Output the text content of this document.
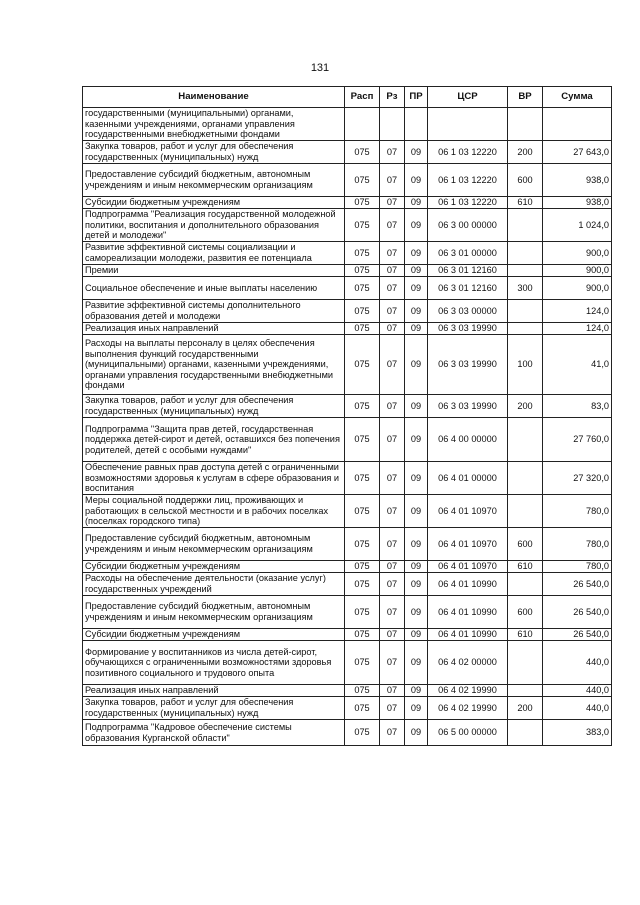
131
Наименование	Расп	Рз	ПР	ЦСР	ВР	Сумма
государственными (муниципальными) органами, казенными учреждениями, органами управления государственными внебюджетными фондами						
Закупка товаров, работ и услуг для обеспечения государственных (муниципальных) нужд	075	07	09	06 1 03 12220	200	27 643,0
Предоставление субсидий бюджетным, автономным учреждениям и иным некоммерческим организациям	075	07	09	06 1 03 12220	600	938,0
Субсидии бюджетным учреждениям	075	07	09	06 1 03 12220	610	938,0
Подпрограмма "Реализация государственной молодежной политики, воспитания и дополнительного образования детей и молодежи"	075	07	09	06 3 00 00000		1 024,0
Развитие эффективной системы социализации и самореализации молодежи, развития ее потенциала	075	07	09	06 3 01 00000		900,0
Премии	075	07	09	06 3 01 12160		900,0
Социальное обеспечение и иные выплаты населению	075	07	09	06 3 01 12160	300	900,0
Развитие эффективной системы дополнительного образования детей и молодежи	075	07	09	06 3 03 00000		124,0
Реализация иных направлений	075	07	09	06 3 03 19990		124,0
Расходы на выплаты персоналу в целях обеспечения выполнения функций государственными (муниципальными) органами, казенными учреждениями, органами управления государственными внебюджетными фондами	075	07	09	06 3 03 19990	100	41,0
Закупка товаров, работ и услуг для обеспечения государственных (муниципальных) нужд	075	07	09	06 3 03 19990	200	83,0
Подпрограмма "Защита прав детей, государственная поддержка детей-сирот и детей, оставшихся без попечения родителей, детей с особыми нуждами"	075	07	09	06 4 00 00000		27 760,0
Обеспечение равных прав доступа детей с ограниченными возможностями здоровья к услугам в сфере образования и воспитания	075	07	09	06 4 01 00000		27 320,0
Меры социальной поддержки лиц, проживающих и работающих в сельской местности и в рабочих поселках (поселках городского типа)	075	07	09	06 4 01 10970		780,0
Предоставление субсидий бюджетным, автономным учреждениям и иным некоммерческим организациям	075	07	09	06 4 01 10970	600	780,0
Субсидии бюджетным учреждениям	075	07	09	06 4 01 10970	610	780,0
Расходы на обеспечение деятельности (оказание услуг) государственных учреждений	075	07	09	06 4 01 10990		26 540,0
Предоставление субсидий бюджетным, автономным учреждениям и иным некоммерческим организациям	075	07	09	06 4 01 10990	600	26 540,0
Субсидии бюджетным учреждениям	075	07	09	06 4 01 10990	610	26 540,0
Формирование у воспитанников из числа детей-сирот, обучающихся с ограниченными возможностями здоровья позитивного социального и трудового опыта	075	07	09	06 4 02 00000		440,0
Реализация иных направлений	075	07	09	06 4 02 19990		440,0
Закупка товаров, работ и услуг для обеспечения государственных (муниципальных) нужд	075	07	09	06 4 02 19990	200	440,0
Подпрограмма "Кадровое обеспечение системы образования Курганской области"	075	07	09	06 5 00 00000		383,0
